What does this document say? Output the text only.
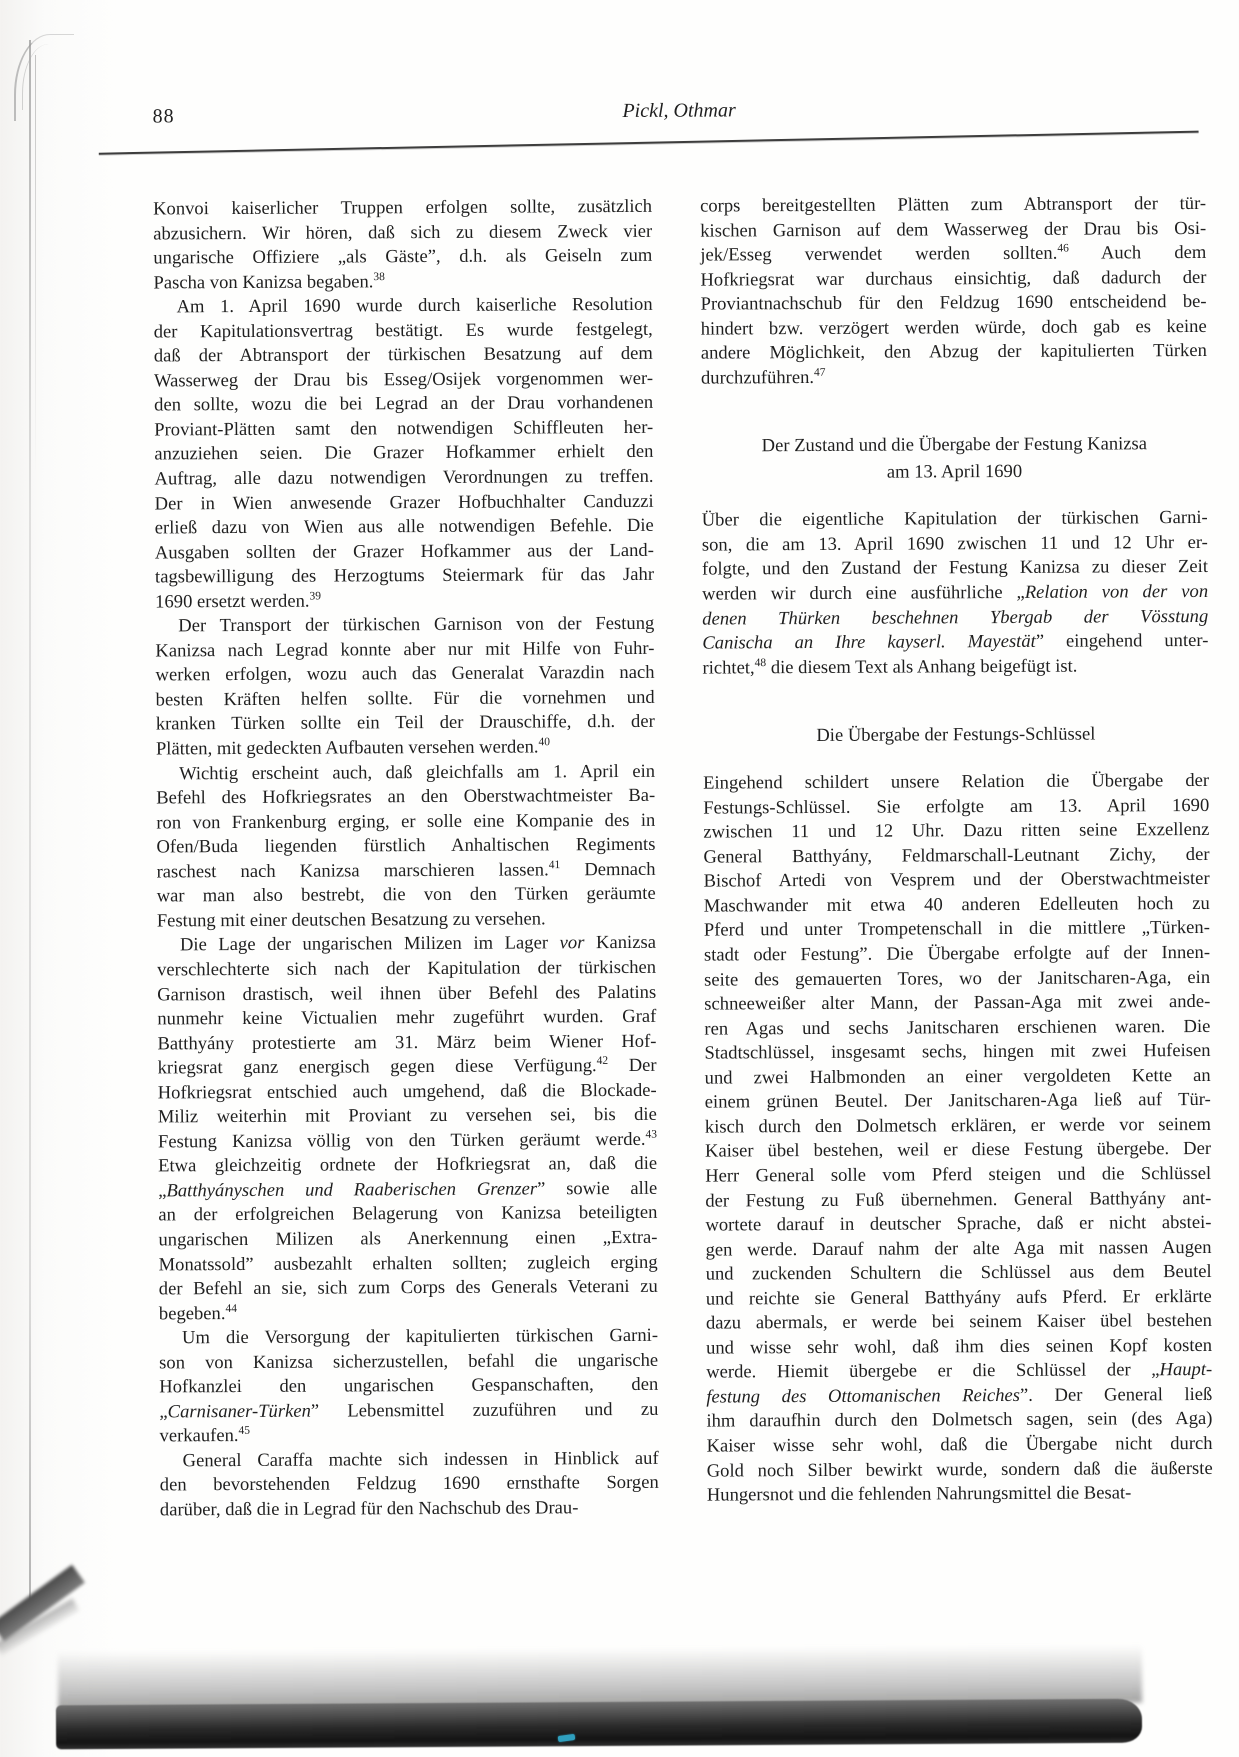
88	Pickl, Othmar
Konvoi kaiserlicher Truppen erfolgen sollte, zusätzlich
abzusichern. Wir hören, daß sich zu diesem Zweck vier
ungarische Offiziere „als Gäste”, d.h. als Geiseln zum
Pascha von Kanizsa begaben.$^{38}$
Am 1. April 1690 wurde durch kaiserliche Resolution
der Kapitulationsvertrag bestätigt. Es wurde festgelegt,
daß der Abtransport der türkischen Besatzung auf dem
Wasserweg der Drau bis Esseg/Osijek vorgenommen wer-
den sollte, wozu die bei Legrad an der Drau vorhandenen
Proviant-Plätten samt den notwendigen Schiffleuten her-
anzuziehen seien. Die Grazer Hofkammer erhielt den
Auftrag, alle dazu notwendigen Verordnungen zu treffen.
Der in Wien anwesende Grazer Hofbuchhalter Canduzzi
erließ dazu von Wien aus alle notwendigen Befehle. Die
Ausgaben sollten der Grazer Hofkammer aus der Land-
tagsbewilligung des Herzogtums Steiermark für das Jahr
1690 ersetzt werden.$^{39}$
Der Transport der türkischen Garnison von der Festung
Kanizsa nach Legrad konnte aber nur mit Hilfe von Fuhr-
werken erfolgen, wozu auch das Generalat Varazdin nach
besten Kräften helfen sollte. Für die vornehmen und
kranken Türken sollte ein Teil der Drauschiffe, d.h. der
Plätten, mit gedeckten Aufbauten versehen werden.$^{40}$
Wichtig erscheint auch, daß gleichfalls am 1. April ein
Befehl des Hofkriegsrates an den Oberstwachtmeister Ba-
ron von Frankenburg erging, er solle eine Kompanie des in
Ofen/Buda liegenden fürstlich Anhaltischen Regiments
raschest nach Kanizsa marschieren lassen.$^{41}$ Demnach
war man also bestrebt, die von den Türken geräumte
Festung mit einer deutschen Besatzung zu versehen.
Die Lage der ungarischen Milizen im Lager vor Kanizsa
verschlechterte sich nach der Kapitulation der türkischen
Garnison drastisch, weil ihnen über Befehl des Palatins
nunmehr keine Victualien mehr zugeführt wurden. Graf
Batthyány protestierte am 31. März beim Wiener Hof-
kriegsrat ganz energisch gegen diese Verfügung.$^{42}$ Der
Hofkriegsrat entschied auch umgehend, daß die Blockade-
Miliz weiterhin mit Proviant zu versehen sei, bis die
Festung Kanizsa völlig von den Türken geräumt werde.$^{43}$
Etwa gleichzeitig ordnete der Hofkriegsrat an, daß die
„Batthyányschen und Raaberischen Grenzer” sowie alle
an der erfolgreichen Belagerung von Kanizsa beteiligten
ungarischen Milizen als Anerkennung einen „Extra-
Monatssold” ausbezahlt erhalten sollten; zugleich erging
der Befehl an sie, sich zum Corps des Generals Veterani zu
begeben.$^{44}$
Um die Versorgung der kapitulierten türkischen Garni-
son von Kanizsa sicherzustellen, befahl die ungarische
Hofkanzlei den ungarischen Gespanschaften, den
„Carnisaner-Türken” Lebensmittel zuzuführen und zu
verkaufen.$^{45}$
General Caraffa machte sich indessen in Hinblick auf
den bevorstehenden Feldzug 1690 ernsthafte Sorgen
darüber, daß die in Legrad für den Nachschub des Drau-
corps bereitgestellten Plätten zum Abtransport der tür-
kischen Garnison auf dem Wasserweg der Drau bis Osi-
jek/Esseg verwendet werden sollten.$^{46}$ Auch dem
Hofkriegsrat war durchaus einsichtig, daß dadurch der
Proviantnachschub für den Feldzug 1690 entscheidend be-
hindert bzw. verzögert werden würde, doch gab es keine
andere Möglichkeit, den Abzug der kapitulierten Türken
durchzuführen.$^{47}$
Der Zustand und die Übergabe der Festung Kanizsa
am 13. April 1690
Über die eigentliche Kapitulation der türkischen Garni-
son, die am 13. April 1690 zwischen 11 und 12 Uhr er-
folgte, und den Zustand der Festung Kanizsa zu dieser Zeit
werden wir durch eine ausführliche „Relation von der von
denen Thürken beschehnen Ybergab der Vösstung
Canischa an Ihre kayserl. Mayestät” eingehend unter-
richtet,$^{48}$ die diesem Text als Anhang beigefügt ist.
Die Übergabe der Festungs-Schlüssel
Eingehend schildert unsere Relation die Übergabe der
Festungs-Schlüssel. Sie erfolgte am 13. April 1690
zwischen 11 und 12 Uhr. Dazu ritten seine Exzellenz
General Batthyány, Feldmarschall-Leutnant Zichy, der
Bischof Artedi von Vesprem und der Oberstwachtmeister
Maschwander mit etwa 40 anderen Edelleuten hoch zu
Pferd und unter Trompetenschall in die mittlere „Türken-
stadt oder Festung”. Die Übergabe erfolgte auf der Innen-
seite des gemauerten Tores, wo der Janitscharen-Aga, ein
schneeweißer alter Mann, der Passan-Aga mit zwei ande-
ren Agas und sechs Janitscharen erschienen waren. Die
Stadtschlüssel, insgesamt sechs, hingen mit zwei Hufeisen
und zwei Halbmonden an einer vergoldeten Kette an
einem grünen Beutel. Der Janitscharen-Aga ließ auf Tür-
kisch durch den Dolmetsch erklären, er werde vor seinem
Kaiser übel bestehen, weil er diese Festung übergebe. Der
Herr General solle vom Pferd steigen und die Schlüssel
der Festung zu Fuß übernehmen. General Batthyány ant-
wortete darauf in deutscher Sprache, daß er nicht abstei-
gen werde. Darauf nahm der alte Aga mit nassen Augen
und zuckenden Schultern die Schlüssel aus dem Beutel
und reichte sie General Batthyány aufs Pferd. Er erklärte
dazu abermals, er werde bei seinem Kaiser übel bestehen
und wisse sehr wohl, daß ihm dies seinen Kopf kosten
werde. Hiemit übergebe er die Schlüssel der „Haupt-
festung des Ottomanischen Reiches”. Der General ließ
ihm daraufhin durch den Dolmetsch sagen, sein (des Aga)
Kaiser wisse sehr wohl, daß die Übergabe nicht durch
Gold noch Silber bewirkt wurde, sondern daß die äußerste
Hungersnot und die fehlenden Nahrungsmittel die Besat-
